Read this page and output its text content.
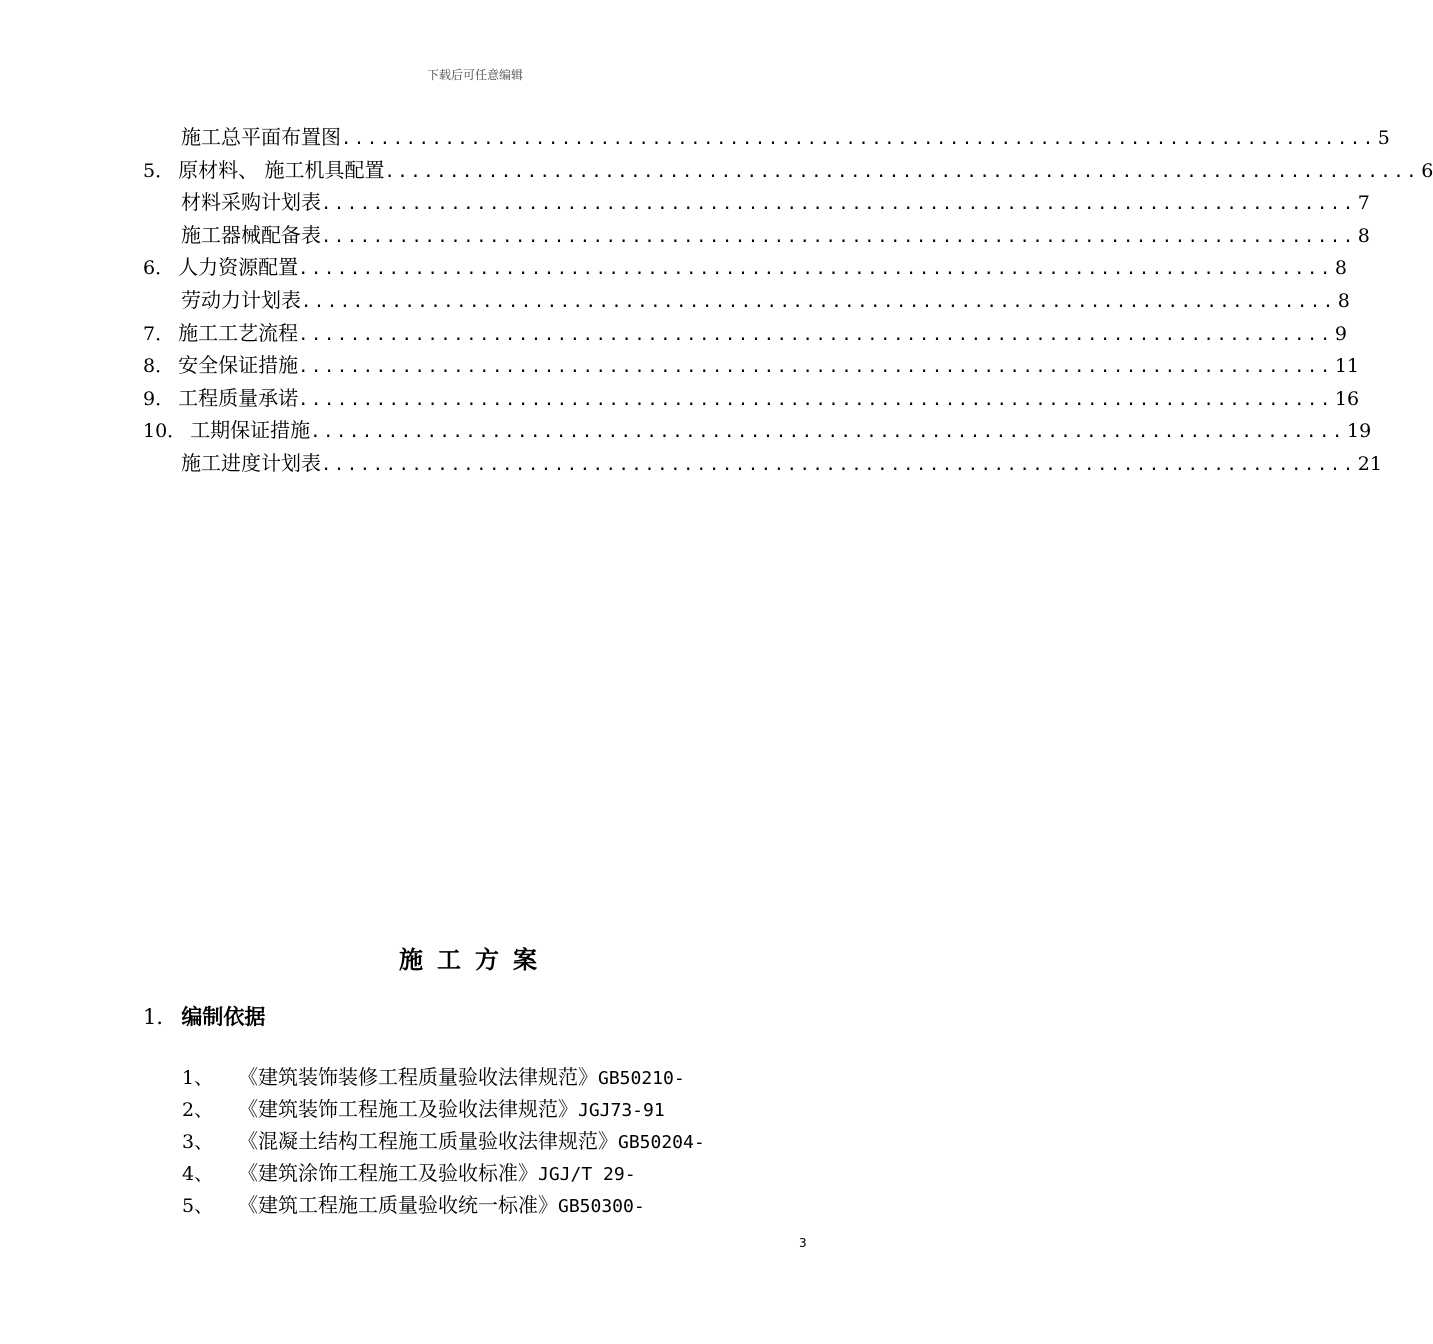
下载后可任意编辑
施工总平面布置图 ................................................................................ 5
5． 原材料、 施工机具配置 ................................................................................ 6
材料采购计划表 ................................................................................ 7
施工器械配备表 ................................................................................ 8
6． 人力资源配置 ................................................................................ 8
劳动力计划表 ................................................................................ 8
7． 施工工艺流程 ................................................................................ 9
8． 安全保证措施 ................................................................................ 11
9． 工程质量承诺 ................................................................................ 16
10． 工期保证措施 ................................................................................ 19
施工进度计划表 ................................................................................ 21
施工方案
1． 编制依据
1、 《建筑装饰装修工程质量验收法律规范》GB50210-
2、 《建筑装饰工程施工及验收法律规范》JGJ73-91
3、 《混凝土结构工程施工质量验收法律规范》GB50204-
4、 《建筑涂饰工程施工及验收标准》JGJ/T 29-
5、 《建筑工程施工质量验收统一标准》GB50300-
3
